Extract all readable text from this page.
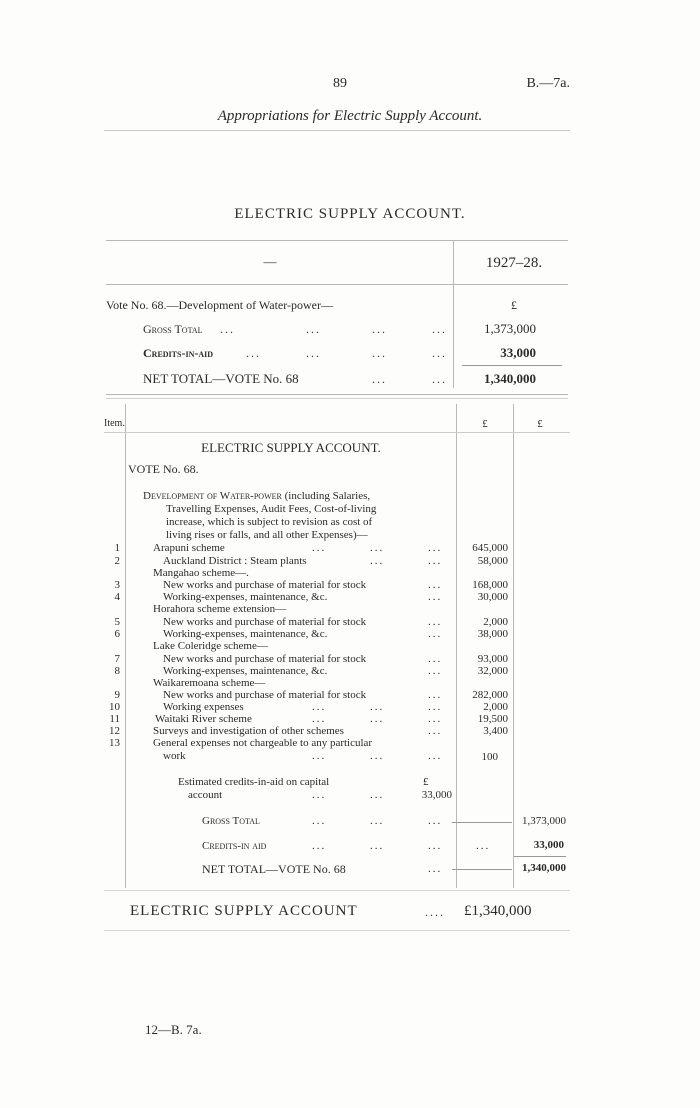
89	B.—7a.
Appropriations for Electric Supply Account.
ELECTRIC SUPPLY ACCOUNT.
—	1927–28.
Vote No. 68.—Development of Water-power—	£
Gross Total ...	...	...	...	1,373,000
Credits-in-aid	...	...	...	...	33,000
NET TOTAL—VOTE No. 68	...	...	1,340,000
Item.	£	£
ELECTRIC SUPPLY ACCOUNT.
VOTE No. 68.
Development of Water-power (including Salaries,
Travelling Expenses, Audit Fees, Cost-of-living
increase, which is subject to revision as cost of
living rises or falls, and all other Expenses)—
1	Arapuni scheme	...	...	...	645,000
2	Auckland District : Steam plants	...	...	58,000
Mangahao scheme—.
3	New works and purchase of material for stock	...	168,000
4	Working-expenses, maintenance, &c.	...	30,000
Horahora scheme extension—
5	New works and purchase of material for stock	...	2,000
6	Working-expenses, maintenance, &c.	...	38,000
Lake Coleridge scheme—
7	New works and purchase of material for stock	...	93,000
8	Working-expenses, maintenance, &c.	...	32,000
Waikaremoana scheme—
9	New works and purchase of material for stock	...	282,000
10	Working expenses	...	...	...	2,000
11	Waitaki River scheme	...	...	...	19,500
12	Surveys and investigation of other schemes	...	3,400
13	General expenses not chargeable to any particular
work	...	...	...	100
Estimated credits-in-aid on capital	£
account	...	...	33,000
Gross Total	...	...	...	1,373,000
Credits-in aid	...	...	...	...	33,000
NET TOTAL—VOTE No. 68	...	1,340,000
ELECTRIC SUPPLY ACCOUNT	.... £1,340,000
12—B. 7a.
